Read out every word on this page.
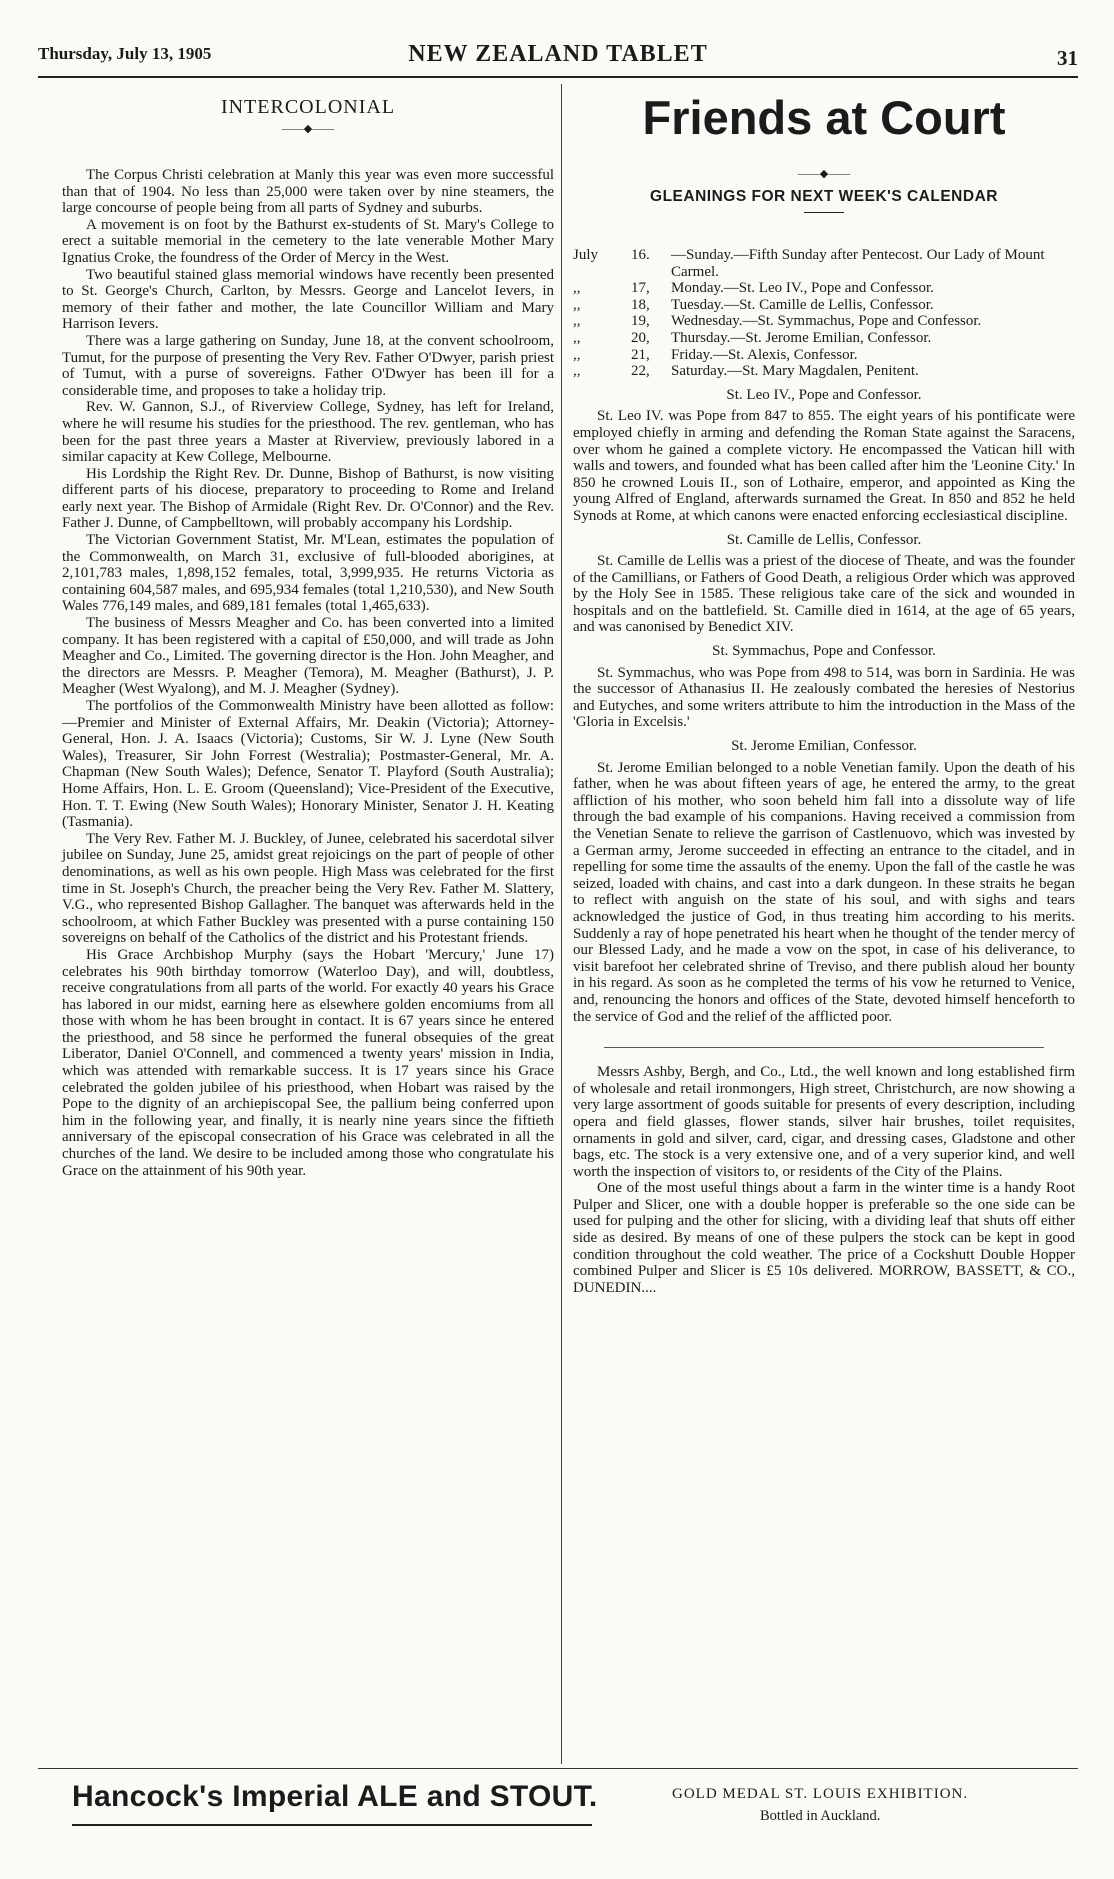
Thursday, July 13, 1905	NEW ZEALAND TABLET	31
INTERCOLONIAL
——◆——

The Corpus Christi celebration at Manly this year was even more successful than that of 1904. No less than 25,000 were taken over by nine steamers, the large concourse of people being from all parts of Sydney and suburbs.

A movement is on foot by the Bathurst ex-students of St. Mary's College to erect a suitable memorial in the cemetery to the late venerable Mother Mary Ignatius Croke, the foundress of the Order of Mercy in the West.

Two beautiful stained glass memorial windows have recently been presented to St. George's Church, Carlton, by Messrs. George and Lancelot Ievers, in memory of their father and mother, the late Councillor William and Mary Harrison Ievers.

There was a large gathering on Sunday, June 18, at the convent schoolroom, Tumut, for the purpose of presenting the Very Rev. Father O'Dwyer, parish priest of Tumut, with a purse of sovereigns. Father O'Dwyer has been ill for a considerable time, and proposes to take a holiday trip.

Rev. W. Gannon, S.J., of Riverview College, Sydney, has left for Ireland, where he will resume his studies for the priesthood. The rev. gentleman, who has been for the past three years a Master at Riverview, previously labored in a similar capacity at Kew College, Melbourne.

His Lordship the Right Rev. Dr. Dunne, Bishop of Bathurst, is now visiting different parts of his diocese, preparatory to proceeding to Rome and Ireland early next year. The Bishop of Armidale (Right Rev. Dr. O'Connor) and the Rev. Father J. Dunne, of Campbelltown, will probably accompany his Lordship.

The Victorian Government Statist, Mr. M'Lean, estimates the population of the Commonwealth, on March 31, exclusive of full-blooded aborigines, at 2,101,783 males, 1,898,152 females, total, 3,999,935. He returns Victoria as containing 604,587 males, and 695,934 females (total 1,210,530), and New South Wales 776,149 males, and 689,181 females (total 1,465,633).

The business of Messrs Meagher and Co. has been converted into a limited company. It has been registered with a capital of £50,000, and will trade as John Meagher and Co., Limited. The governing director is the Hon. John Meagher, and the directors are Messrs. P. Meagher (Temora), M. Meagher (Bathurst), J. P. Meagher (West Wyalong), and M. J. Meagher (Sydney).

The portfolios of the Commonwealth Ministry have been allotted as follow:—Premier and Minister of External Affairs, Mr. Deakin (Victoria); Attorney-General, Hon. J. A. Isaacs (Victoria); Customs, Sir W. J. Lyne (New South Wales), Treasurer, Sir John Forrest (Westralia); Postmaster-General, Mr. A. Chapman (New South Wales); Defence, Senator T. Playford (South Australia); Home Affairs, Hon. L. E. Groom (Queensland); Vice-President of the Executive, Hon. T. T. Ewing (New South Wales); Honorary Minister, Senator J. H. Keating (Tasmania).

The Very Rev. Father M. J. Buckley, of Junee, celebrated his sacerdotal silver jubilee on Sunday, June 25, amidst great rejoicings on the part of people of other denominations, as well as his own people. High Mass was celebrated for the first time in St. Joseph's Church, the preacher being the Very Rev. Father M. Slattery, V.G., who represented Bishop Gallagher. The banquet was afterwards held in the schoolroom, at which Father Buckley was presented with a purse containing 150 sovereigns on behalf of the Catholics of the district and his Protestant friends.

His Grace Archbishop Murphy (says the Hobart 'Mercury,' June 17) celebrates his 90th birthday tomorrow (Waterloo Day), and will, doubtless, receive congratulations from all parts of the world. For exactly 40 years his Grace has labored in our midst, earning here as elsewhere golden encomiums from all those with whom he has been brought in contact. It is 67 years since he entered the priesthood, and 58 since he performed the funeral obsequies of the great Liberator, Daniel O'Connell, and commenced a twenty years' mission in India, which was attended with remarkable success. It is 17 years since his Grace celebrated the golden jubilee of his priesthood, when Hobart was raised by the Pope to the dignity of an archiepiscopal See, the pallium being conferred upon him in the following year, and finally, it is nearly nine years since the fiftieth anniversary of the episcopal consecration of his Grace was celebrated in all the churches of the land. We desire to be included among those who congratulate his Grace on the attainment of his 90th year.

Friends at Court
——◆——
GLEANINGS FOR NEXT WEEK'S CALENDAR
July	16.	—Sunday.—Fifth Sunday after Pentecost. Our Lady of Mount Carmel.
,,	17,	Monday.—St. Leo IV., Pope and Confessor.
,,	18,	Tuesday.—St. Camille de Lellis, Confessor.
,,	19,	Wednesday.—St. Symmachus, Pope and Confessor.
,,	20,	Thursday.—St. Jerome Emilian, Confessor.
,,	21,	Friday.—St. Alexis, Confessor.
,,	22,	Saturday.—St. Mary Magdalen, Penitent.
St. Leo IV., Pope and Confessor.

St. Leo IV. was Pope from 847 to 855. The eight years of his pontificate were employed chiefly in arming and defending the Roman State against the Saracens, over whom he gained a complete victory. He encompassed the Vatican hill with walls and towers, and founded what has been called after him the 'Leonine City.' In 850 he crowned Louis II., son of Lothaire, emperor, and appointed as King the young Alfred of England, afterwards surnamed the Great. In 850 and 852 he held Synods at Rome, at which canons were enacted enforcing ecclesiastical discipline.

St. Camille de Lellis, Confessor.

St. Camille de Lellis was a priest of the diocese of Theate, and was the founder of the Camillians, or Fathers of Good Death, a religious Order which was approved by the Holy See in 1585. These religious take care of the sick and wounded in hospitals and on the battlefield. St. Camille died in 1614, at the age of 65 years, and was canonised by Benedict XIV.

St. Symmachus, Pope and Confessor.

St. Symmachus, who was Pope from 498 to 514, was born in Sardinia. He was the successor of Athanasius II. He zealously combated the heresies of Nestorius and Eutyches, and some writers attribute to him the introduction in the Mass of the 'Gloria in Excelsis.'

St. Jerome Emilian, Confessor.

St. Jerome Emilian belonged to a noble Venetian family. Upon the death of his father, when he was about fifteen years of age, he entered the army, to the great affliction of his mother, who soon beheld him fall into a dissolute way of life through the bad example of his companions. Having received a commission from the Venetian Senate to relieve the garrison of Castlenuovo, which was invested by a German army, Jerome succeeded in effecting an entrance to the citadel, and in repelling for some time the assaults of the enemy. Upon the fall of the castle he was seized, loaded with chains, and cast into a dark dungeon. In these straits he began to reflect with anguish on the state of his soul, and with sighs and tears acknowledged the justice of God, in thus treating him according to his merits. Suddenly a ray of hope penetrated his heart when he thought of the tender mercy of our Blessed Lady, and he made a vow on the spot, in case of his deliverance, to visit barefoot her celebrated shrine of Treviso, and there publish aloud her bounty in his regard. As soon as he completed the terms of his vow he returned to Venice, and, renouncing the honors and offices of the State, devoted himself henceforth to the service of God and the relief of the afflicted poor.

Messrs Ashby, Bergh, and Co., Ltd., the well known and long established firm of wholesale and retail ironmongers, High street, Christchurch, are now showing a very large assortment of goods suitable for presents of every description, including opera and field glasses, flower stands, silver hair brushes, toilet requisites, ornaments in gold and silver, card, cigar, and dressing cases, Gladstone and other bags, etc. The stock is a very extensive one, and of a very superior kind, and well worth the inspection of visitors to, or residents of the City of the Plains.

One of the most useful things about a farm in the winter time is a handy Root Pulper and Slicer, one with a double hopper is preferable so the one side can be used for pulping and the other for slicing, with a dividing leaf that shuts off either side as desired. By means of one of these pulpers the stock can be kept in good condition throughout the cold weather. The price of a Cockshutt Double Hopper combined Pulper and Slicer is £5 10s delivered. MORROW, BASSETT, & CO., DUNEDIN....

Hancock's Imperial ALE and STOUT.	GOLD MEDAL ST. LOUIS EXHIBITION.
Bottled in Auckland.
